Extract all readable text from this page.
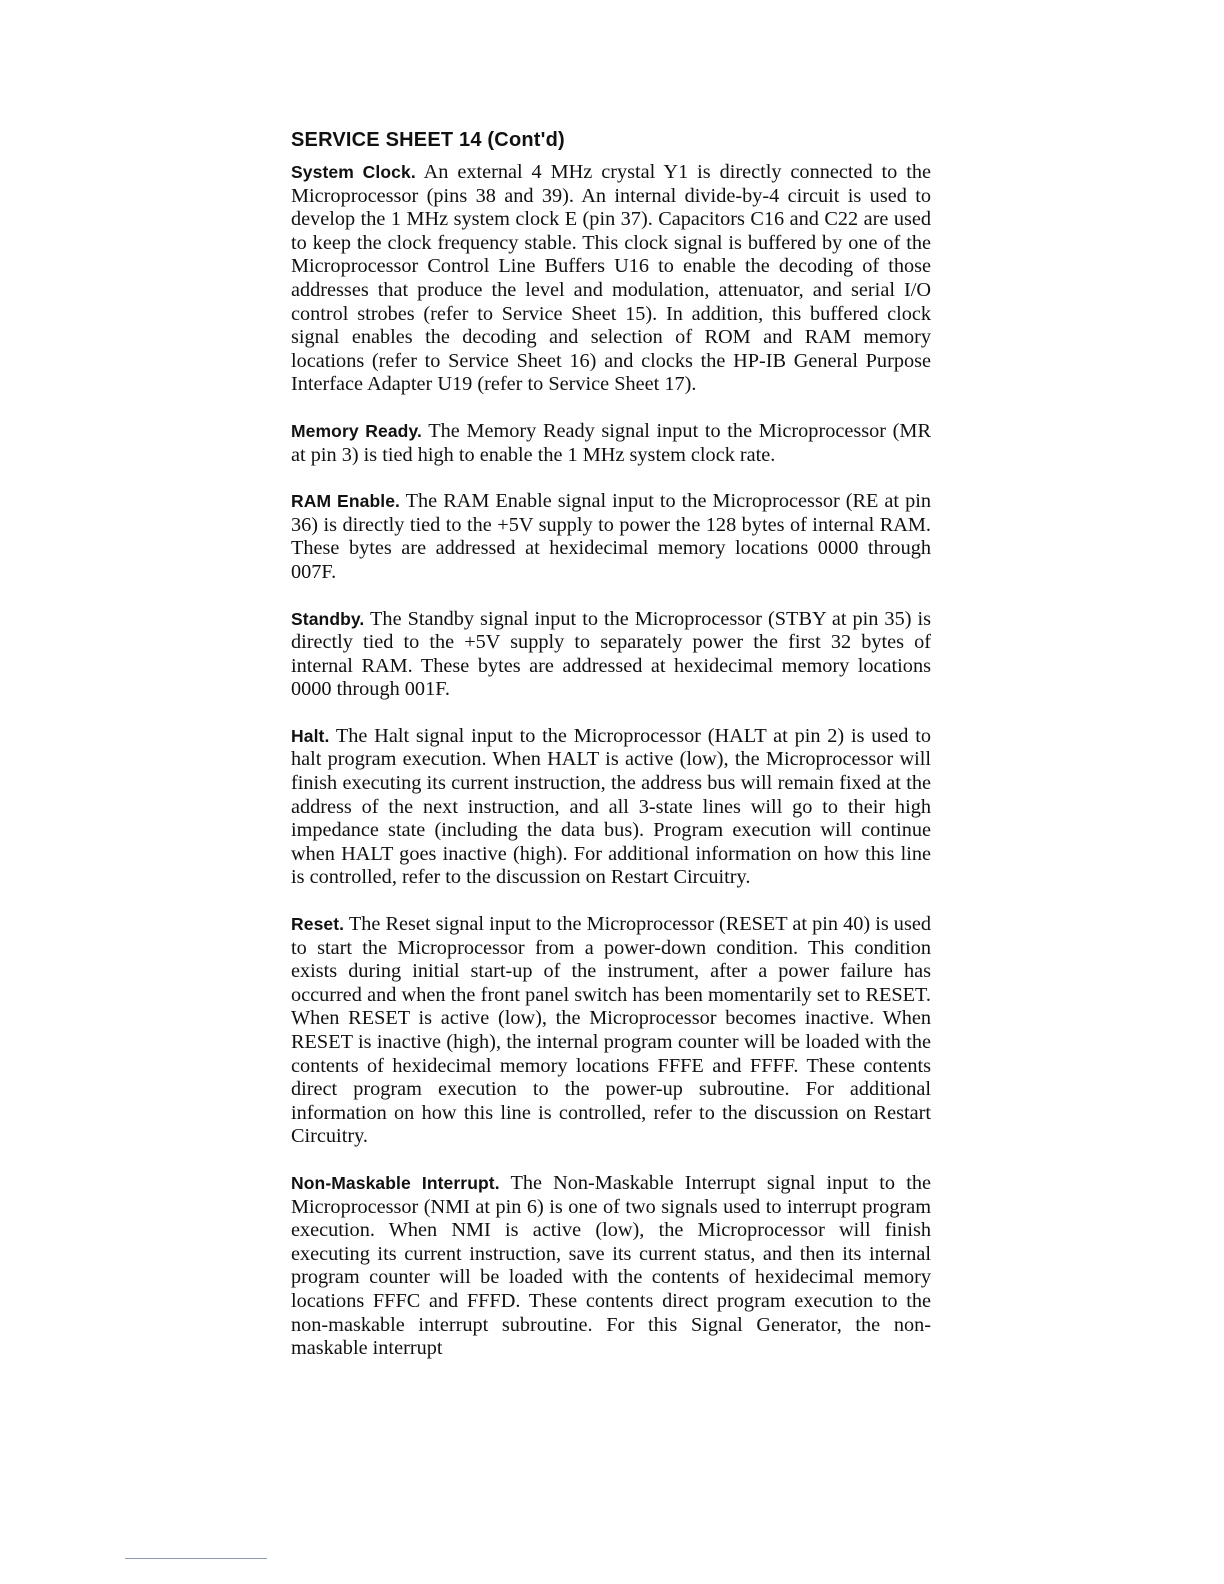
SERVICE SHEET 14 (Cont'd)

System Clock. An external 4 MHz crystal Y1 is directly connected to the Microprocessor (pins 38 and 39). An internal divide-by-4 circuit is used to develop the 1 MHz system clock E (pin 37). Capacitors C16 and C22 are used to keep the clock frequency stable. This clock signal is buffered by one of the Microprocessor Control Line Buffers U16 to enable the decoding of those addresses that produce the level and modulation, attenuator, and serial I/O control strobes (refer to Service Sheet 15). In addition, this buffered clock signal enables the decoding and selection of ROM and RAM memory locations (refer to Service Sheet 16) and clocks the HP-IB General Purpose Interface Adapter U19 (refer to Service Sheet 17).

Memory Ready. The Memory Ready signal input to the Microprocessor (MR at pin 3) is tied high to enable the 1 MHz system clock rate.

RAM Enable. The RAM Enable signal input to the Microprocessor (RE at pin 36) is directly tied to the +5V supply to power the 128 bytes of internal RAM. These bytes are addressed at hexidecimal memory locations 0000 through 007F.

Standby. The Standby signal input to the Microprocessor (STBY at pin 35) is directly tied to the +5V supply to separately power the first 32 bytes of internal RAM. These bytes are addressed at hexidecimal memory locations 0000 through 001F.

Halt. The Halt signal input to the Microprocessor (HALT at pin 2) is used to halt program execution. When HALT is active (low), the Microprocessor will finish executing its current instruction, the address bus will remain fixed at the address of the next instruction, and all 3-state lines will go to their high impedance state (including the data bus). Program execution will continue when HALT goes inactive (high). For additional information on how this line is controlled, refer to the discussion on Restart Circuitry.

Reset. The Reset signal input to the Microprocessor (RESET at pin 40) is used to start the Microprocessor from a power-down condition. This condition exists during initial start-up of the instrument, after a power failure has occurred and when the front panel switch has been momentarily set to RESET. When RESET is active (low), the Microprocessor becomes inactive. When RESET is inactive (high), the internal program counter will be loaded with the contents of hexidecimal memory locations FFFE and FFFF. These contents direct program execution to the power-up subroutine. For additional information on how this line is controlled, refer to the discussion on Restart Circuitry.

Non-Maskable Interrupt. The Non-Maskable Interrupt signal input to the Microprocessor (NMI at pin 6) is one of two signals used to interrupt program execution. When NMI is active (low), the Microprocessor will finish executing its current instruction, save its current status, and then its internal program counter will be loaded with the contents of hexidecimal memory locations FFFC and FFFD. These contents direct program execution to the non-maskable interrupt subroutine. For this Signal Generator, the non-maskable interrupt
